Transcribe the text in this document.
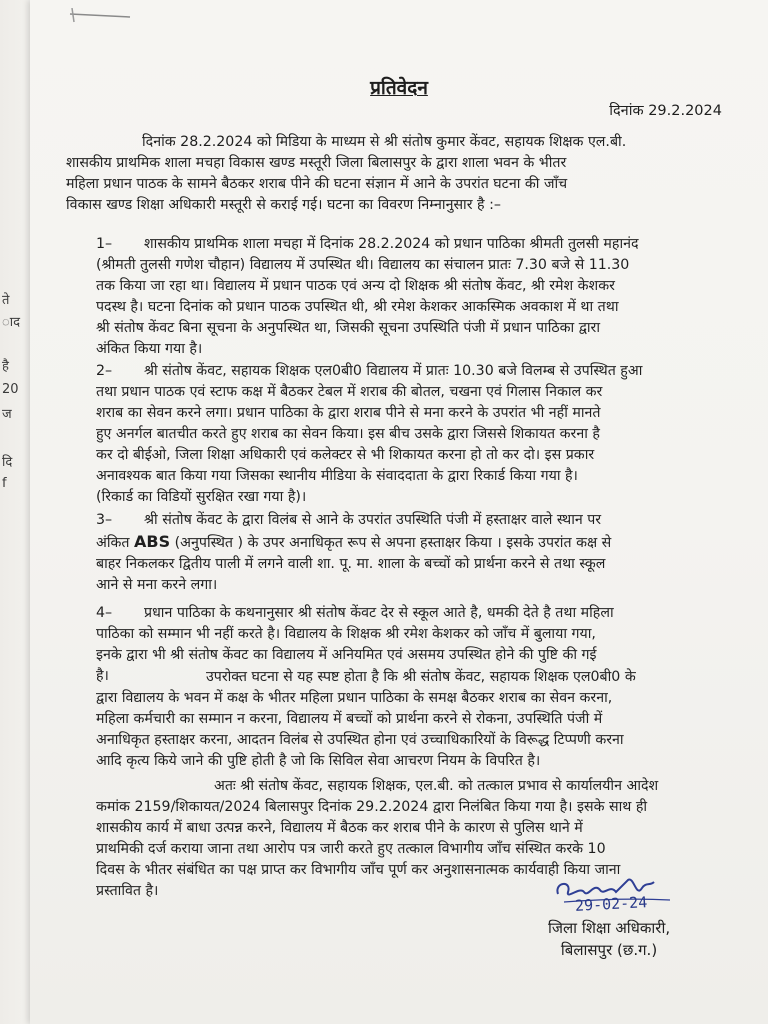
ते
ाद
है
20
ज
दि
f
प्रतिवेदन
दिनांक 29.2.2024
दिनांक 28.2.2024 को मिडिया के माध्यम से श्री संतोष कुमार केंवट, सहायक शिक्षक एल.बी.
शासकीय प्राथमिक शाला मचहा विकास खण्ड मस्तूरी जिला बिलासपुर के द्वारा शाला भवन के भीतर
महिला प्रधान पाठक के सामने बैठकर शराब पीने की घटना संज्ञान में आने के उपरांत घटना की जाँच
विकास खण्ड शिक्षा अधिकारी मस्तूरी से कराई गई। घटना का विवरण निम्नानुसार है :–
1– शासकीय प्राथमिक शाला मचहा में दिनांक 28.2.2024 को प्रधान पाठिका श्रीमती तुलसी महानंद
(श्रीमती तुलसी गणेश चौहान) विद्यालय में उपस्थित थी। विद्यालय का संचालन प्रातः 7.30 बजे से 11.30
तक किया जा रहा था। विद्यालय में प्रधान पाठक एवं अन्य दो शिक्षक श्री संतोष केंवट, श्री रमेश केशकर
पदस्थ है। घटना दिनांक को प्रधान पाठक उपस्थित थी, श्री रमेश केशकर आकस्मिक अवकाश में था तथा
श्री संतोष केंवट बिना सूचना के अनुपस्थित था, जिसकी सूचना उपस्थिति पंजी में प्रधान पाठिका द्वारा
अंकित किया गया है।
2– श्री संतोष केंवट, सहायक शिक्षक एल0बी0 विद्यालय में प्रातः 10.30 बजे विलम्ब से उपस्थित हुआ
तथा प्रधान पाठक एवं स्टाफ कक्ष में बैठकर टेबल में शराब की बोतल, चखना एवं गिलास निकाल कर
शराब का सेवन करने लगा। प्रधान पाठिका के द्वारा शराब पीने से मना करने के उपरांत भी नहीं मानते
हुए अनर्गल बातचीत करते हुए शराब का सेवन किया। इस बीच उसके द्वारा जिससे शिकायत करना है
कर दो बीईओ, जिला शिक्षा अधिकारी एवं कलेक्टर से भी शिकायत करना हो तो कर दो। इस प्रकार
अनावश्यक बात किया गया जिसका स्थानीय मीडिया के संवाददाता के द्वारा रिकार्ड किया गया है।
(रिकार्ड का विडियों सुरक्षित रखा गया है)।
3– श्री संतोष केंवट के द्वारा विलंब से आने के उपरांत उपस्थिति पंजी में हस्ताक्षर वाले स्थान पर
अंकित ABS (अनुपस्थित ) के उपर अनाधिकृत रूप से अपना हस्ताक्षर किया । इसके उपरांत कक्ष से
बाहर निकलकर द्वितीय पाली में लगने वाली शा. पू. मा. शाला के बच्चों को प्रार्थना करने से तथा स्कूल
आने से मना करने लगा।
4– प्रधान पाठिका के कथनानुसार श्री संतोष केंवट देर से स्कूल आते है, धमकी देते है तथा महिला
पाठिका को सम्मान भी नहीं करते है। विद्यालय के शिक्षक श्री रमेश केशकर को जाँच में बुलाया गया,
इनके द्वारा भी श्री संतोष केंवट का विद्यालय में अनियमित एवं असमय उपस्थित होने की पुष्टि की गई
है।	उपरोक्त घटना से यह स्पष्ट होता है कि श्री संतोष केंवट, सहायक शिक्षक एल0बी0 के
द्वारा विद्यालय के भवन में कक्ष के भीतर महिला प्रधान पाठिका के समक्ष बैठकर शराब का सेवन करना,
महिला कर्मचारी का सम्मान न करना, विद्यालय में बच्चों को प्रार्थना करने से रोकना, उपस्थिति पंजी में
अनाधिकृत हस्ताक्षर करना, आदतन विलंब से उपस्थित होना एवं उच्चाधिकारियों के विरूद्ध टिप्पणी करना
आदि कृत्य किये जाने की पुष्टि होती है जो कि सिविल सेवा आचरण नियम के विपरित है।
अतः श्री संतोष केंवट, सहायक शिक्षक, एल.बी. को तत्काल प्रभाव से कार्यालयीन आदेश
कमांक 2159/शिकायत/2024 बिलासपुर दिनांक 29.2.2024 द्वारा निलंबित किया गया है। इसके साथ ही
शासकीय कार्य में बाधा उत्पन्न करने, विद्यालय में बैठक कर शराब पीने के कारण से पुलिस थाने में
प्राथमिकी दर्ज कराया जाना तथा आरोप पत्र जारी करते हुए तत्काल विभागीय जाँच संस्थित करके 10
दिवस के भीतर संबंधित का पक्ष प्राप्त कर विभागीय जाँच पूर्ण कर अनुशासनात्मक कार्यवाही किया जाना
प्रस्तावित है।
29-02-24
जिला शिक्षा अधिकारी,
बिलासपुर (छ.ग.)
